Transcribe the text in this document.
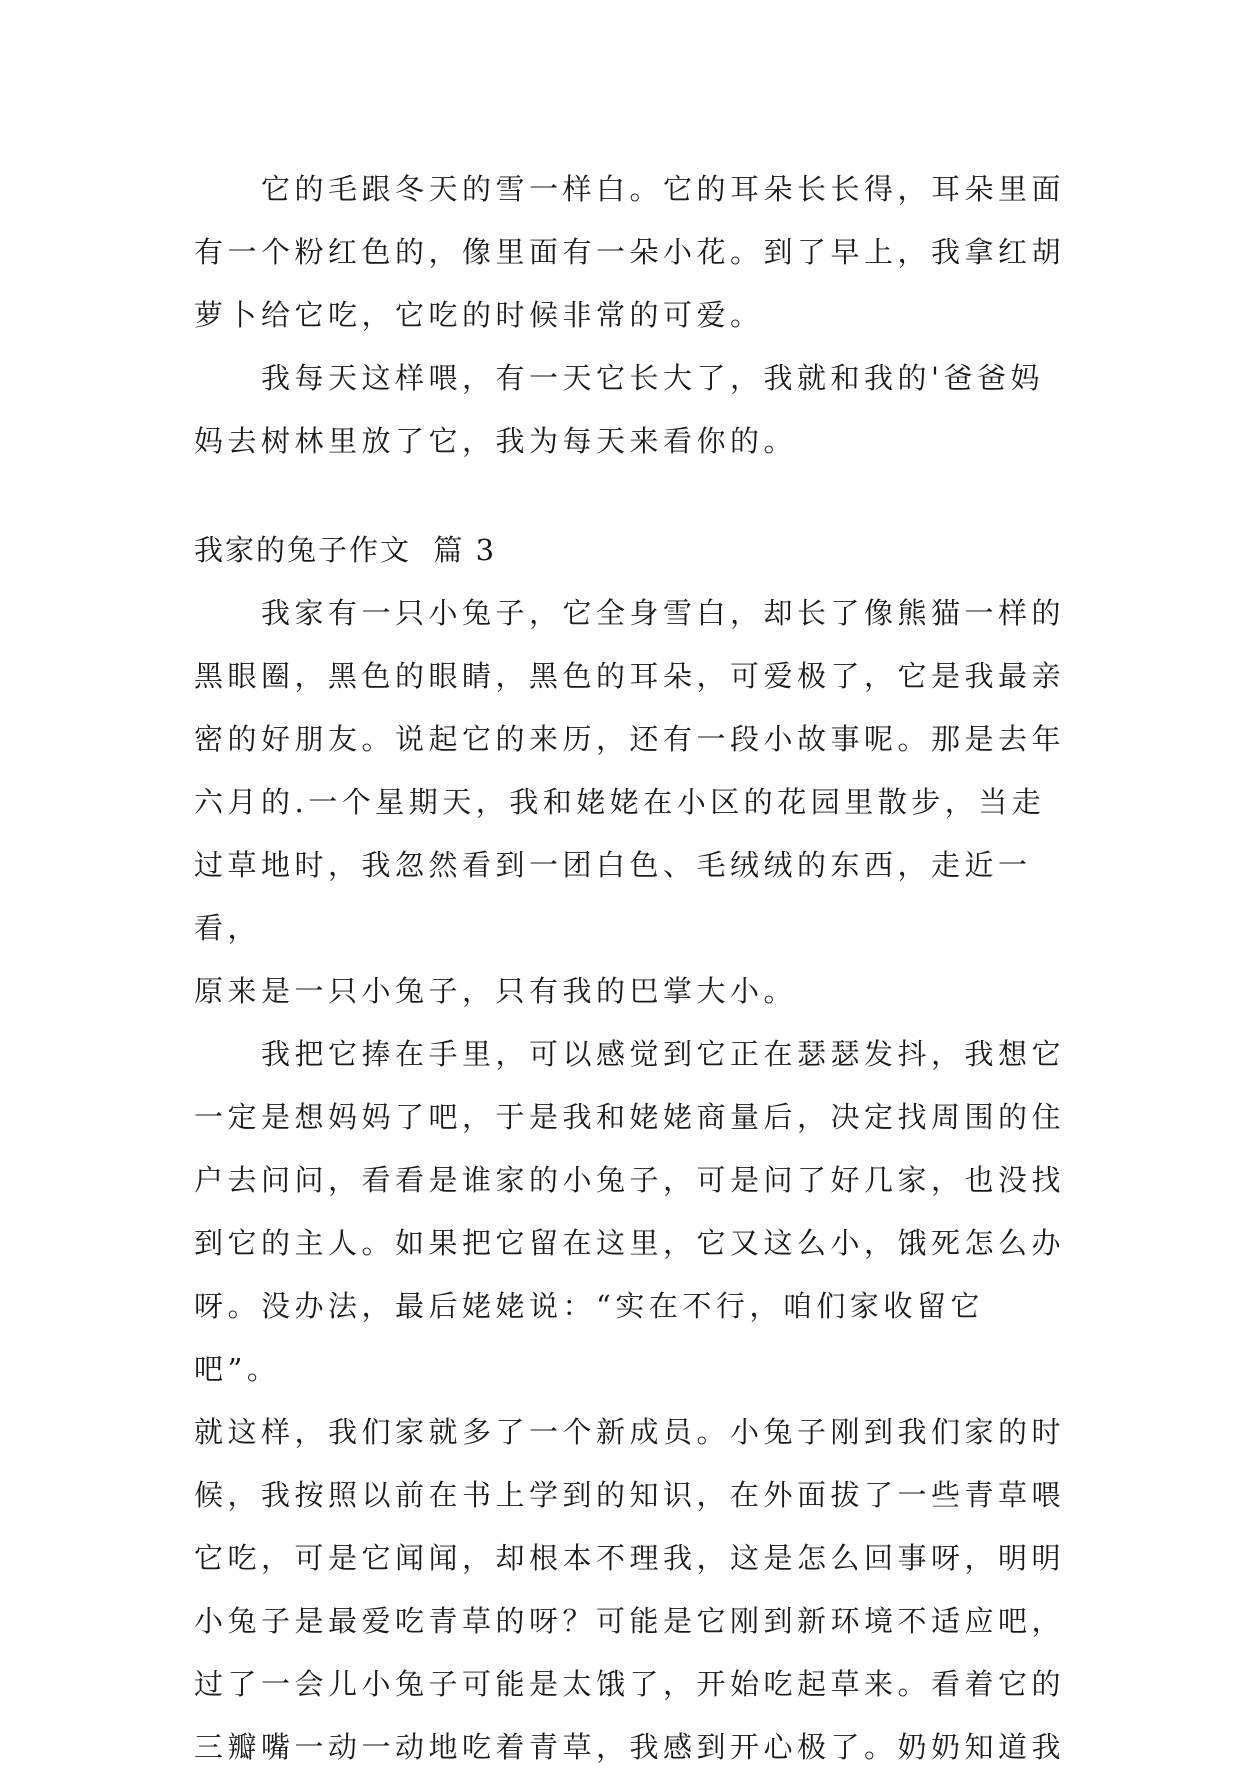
　　它的毛跟冬天的雪一样白。它的耳朵长长得，耳朵里面
有一个粉红色的，像里面有一朵小花。到了早上，我拿红胡
萝卜给它吃，它吃的时候非常的可爱。

　　我每天这样喂，有一天它长大了，我就和我的'爸爸妈
妈去树林里放了它，我为每天来看你的。

我家的兔子作文  篇 3

　　我家有一只小兔子，它全身雪白，却长了像熊猫一样的
黑眼圈，黑色的眼睛，黑色的耳朵，可爱极了，它是我最亲
密的好朋友。说起它的来历，还有一段小故事呢。那是去年
六月的.一个星期天，我和姥姥在小区的花园里散步，当走
过草地时，我忽然看到一团白色、毛绒绒的东西，走近一看，
原来是一只小兔子，只有我的巴掌大小。

　　我把它捧在手里，可以感觉到它正在瑟瑟发抖，我想它
一定是想妈妈了吧，于是我和姥姥商量后，决定找周围的住
户去问问，看看是谁家的小兔子，可是问了好几家，也没找
到它的主人。如果把它留在这里，它又这么小，饿死怎么办
呀。没办法，最后姥姥说：“实在不行，咱们家收留它吧”。
就这样，我们家就多了一个新成员。小兔子刚到我们家的时
候，我按照以前在书上学到的知识，在外面拔了一些青草喂
它吃，可是它闻闻，却根本不理我，这是怎么回事呀，明明
小兔子是最爱吃青草的呀？可能是它刚到新环境不适应吧，
过了一会儿小兔子可能是太饿了，开始吃起草来。看着它的
三瓣嘴一动一动地吃着青草，我感到开心极了。奶奶知道我
